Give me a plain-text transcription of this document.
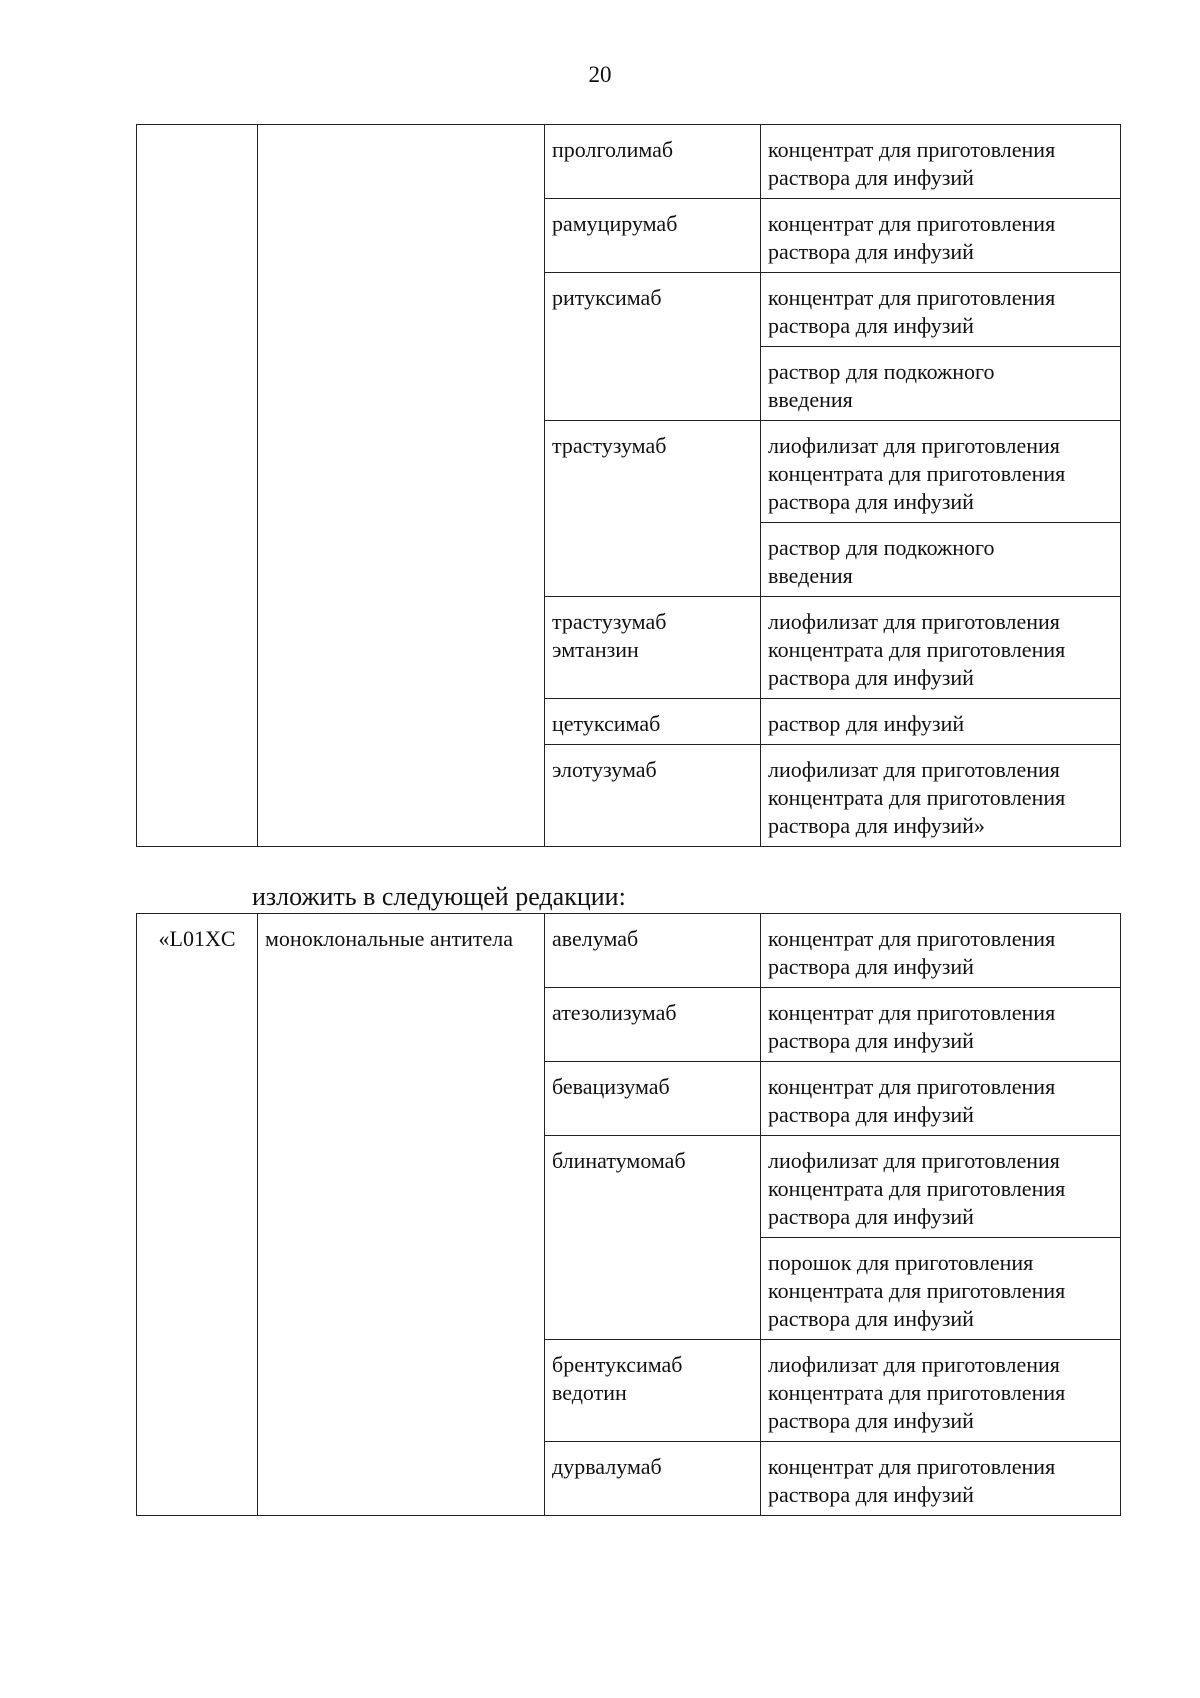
20

		пролголимаб	концентрат для приготовления
раствора для инфузий

		рамуцирумаб	концентрат для приготовления
раствора для инфузий

		ритуксимаб	концентрат для приготовления
раствора для инфузий

			раствор для подкожного
введения

		трастузумаб	лиофилизат для приготовления
концентрата для приготовления
раствора для инфузий

			раствор для подкожного
введения

		трастузумаб
эмтанзин	лиофилизат для приготовления
концентрата для приготовления
раствора для инфузий

		цетуксимаб	раствор для инфузий

		элотузумаб	лиофилизат для приготовления
концентрата для приготовления
раствора для инфузий»
изложить в следующей редакции:
«L01XC	моноклональные антитела	авелумаб	концентрат для приготовления
раствора для инфузий

		атезолизумаб	концентрат для приготовления
раствора для инфузий

		бевацизумаб	концентрат для приготовления
раствора для инфузий

		блинатумомаб	лиофилизат для приготовления
концентрата для приготовления
раствора для инфузий

			порошок для приготовления
концентрата для приготовления
раствора для инфузий

		брентуксимаб
ведотин	лиофилизат для приготовления
концентрата для приготовления
раствора для инфузий

		дурвалумаб	концентрат для приготовления
раствора для инфузий
